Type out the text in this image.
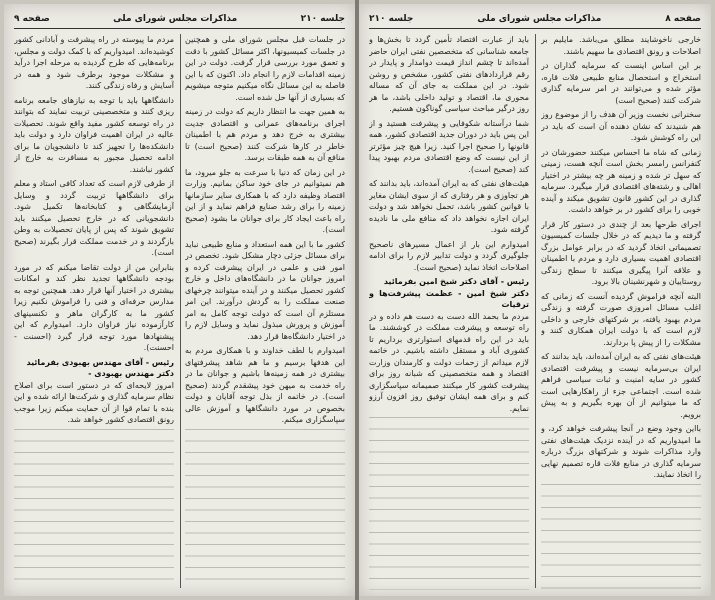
صفحه ۸
مذاکرات مجلس شورای ملی
جلسه ۲۱۰

خارجی ناخوشایند مطلق می‌باشد. مایلیم بر اصلاحات و رونق اقتصادی ما سهیم باشند.

بر این اساس اینست که سرمایه گذاران در استخراج و استحصال منابع طبیعی فلات قاره، مؤثر شده و می‌توانند در امر سرمایه گذاری شرکت کنند (صحیح است)

سخنرانی نخست وزیر آن هدف را از موضوع روز هم شنیدند که نشان دهنده آن است که باید در این راه کوشش شود.

زمانی که شاه ما احساس میکنند حضورشان در کنفرانس رامسر بخش است آنچه هست، زمینی که سهل تر شده و زمینه هر چه بیشتر در اختیار اهالی و رشته‌های اقتصادی قرار میگیرد. سرمایه گذاری در این کشور قانون تشویق میکند و آینده خوبی را برای کشور در بر خواهد داشت.

اجرای طرحها بعد از چندی در دستور کار قرار گرفته و ما دیدیم که در خلال جلسات کمیسیون تصمیماتی اتخاذ گردید که در برابر عوامل بزرگ اقتصادی اهمیت بسیاری دارد و مردم با اطمینان و علاقه آنرا پیگیری میکنند تا سطح زندگی روستاییان و شهرنشینان بالا برود.

البته آنچه فراموش گردیده آنست که زمانی که اغلب مسائل امروزی صورت گرفته و زندگی مردم بهبود یافته، بر شرکتهای خارجی و داخلی لازم است که با دولت ایران همکاری کنند و مشکلات را از پیش پا بردارند.

هیئت‌های نفتی که به ایران آمده‌اند، باید بدانند که ایران بی‌سرمایه نیست و پیشرفت اقتصادی کشور در سایه امنیت و ثبات سیاسی فراهم شده است. اجتماعی جزء از راهکارهایی است که ما میتوانیم از آن بهره بگیریم و به پیش برویم.

بااین وجود وضع در آنجا پیشرفت خواهد کرد، و ما امیدواریم که در آینده نزدیک هیئت‌های نفتی وارد مذاکرات شوند و شرکتهای بزرگ درباره سرمایه گذاری در منابع فلات قاره تصمیم نهایی را اتخاذ نمایند.

باید از عبارت اقتصاد تأمین گردد تا بخش‌ها و جامعه شناسانی که متخصصین نفتی ایران حاضر آمده‌اند تا چشم انداز قیمت دوامدار و پایدار در رقم قراردادهای نفتی کشور، مشخص و روشن شود. در این مملکت به جای آن که مساله محوری ما، اقتصاد و تولید داخلی باشد، ما هر روز درگیر مباحث سیاسی گوناگون هستیم.

شما درآستانه شکوفایی و پیشرفت هستید و از این پس باید در دوران جدید اقتصادی کشور، همه قانونها را صحیح اجرا کنید. زیرا هیچ چیز مؤثرتر از این نیست که وضع اقتصادی مردم بهبود پیدا کند (صحیح است).

هیئت‌های نفتی که به ایران آمده‌اند، باید بدانند که هر تجاوزی و هر رفتاری که از سوی ایشان مغایر با قوانین کشور باشد، تحمل نخواهد شد و دولت ایران اجازه نخواهد داد که منافع ملی ما نادیده گرفته شود.

امیدوارم این بار از اعمال مسیرهای ناصحیح جلوگیری گردد و دولت تدابیر لازم را برای ادامه اصلاحات اتخاذ نماید (صحیح است).

رئیس - آقای دکتر شیخ امین بفرمائید
دکتر شیخ امین - عظمت پیشرفت‌ها و ترقیات

مردم ما بحمد الله دست به دست هم داده و در راه توسعه و پیشرفت مملکت در کوششند. ما باید در این راه قدمهای استوارتری برداریم تا کشوری آباد و مستقل داشته باشیم. در خاتمه لازم میدانم از زحمات دولت و کارمندان وزارت اقتصاد و همه متخصصینی که شبانه روز برای پیشرفت کشور کار میکنند صمیمانه سپاسگزاری کنم و برای همه ایشان توفیق روز افزون آرزو نمایم.

جلسه ۲۱۰
مذاکرات مجلس شورای ملی
صفحه ۹

در جلسات قبل مجلس شورای ملی و همچنین در جلسات کمیسیونها، اکثر مسائل کشور با دقت و تعمق مورد بررسی قرار گرفت. دولت در این زمینه اقدامات لازم را انجام داد. اکنون که با این فاصله به این مسائل نگاه میکنیم متوجه میشویم که بسیاری از آنها حل شده است.

به همین جهت ما انتظار داریم که دولت در زمینه اجرای برنامه‌های عمرانی و اقتصادی جدیت بیشتری به خرج دهد و مردم هم با اطمینان خاطر در کارها شرکت کنند (صحیح است) تا منافع آن به همه طبقات برسد.

در این زمان که دنیا با سرعت به جلو میرود، ما هم نمیتوانیم در جای خود ساکن بمانیم. وزارت اقتصاد وظیفه دارد که با همکاری سایر سازمانها زمینه را برای رشد صنایع فراهم نماید و از این راه باعث ایجاد کار برای جوانان ما بشود (صحیح است).

کشور ما با این همه استعداد و منابع طبیعی نباید برای مسائل جزئی دچار مشکل شود. تخصص در امور فنی و علمی در ایران پیشرفت کرده و امروز جوانان ما در دانشگاه‌های داخل و خارج کشور تحصیل میکنند و در آینده میتوانند چرخهای صنعت مملکت را به گردش درآورند. این امر مستلزم آن است که دولت توجه کامل به امر آموزش و پرورش مبذول نماید و وسایل لازم را در اختیار دانشگاه‌ها قرار دهد.

امیدوارم با لطف خداوند و با همکاری مردم به این هدفها برسیم و ما هم شاهد پیشرفتهای بیشتری در همه زمینه‌ها باشیم و جوانان ما در راه خدمت به میهن خود پیشقدم گردند (صحیح است). در خاتمه از بذل توجه آقایان و دولت بخصوص در مورد دانشگاهها و آموزش عالی سپاسگزاری میکنم.

مردم ما پیوسته در راه پیشرفت و آبادانی کشور کوشیده‌اند. امیدواریم که با کمک دولت و مجلس، برنامه‌هایی که طرح گردیده به مرحله اجرا درآید و مشکلات موجود برطرف شود و همه در آسایش و رفاه زندگی کنند.

دانشگاهها باید با توجه به نیازهای جامعه برنامه ریزی کنند و متخصصینی تربیت نمایند که بتوانند در راه توسعه کشور مفید واقع شوند. تحصیلات عالیه در ایران اهمیت فراوان دارد و دولت باید دانشکده‌ها را تجهیز کند تا دانشجویان ما برای ادامه تحصیل مجبور به مسافرت به خارج از کشور نباشند.

از طرفی لازم است که تعداد کافی استاد و معلم برای دانشگاهها تربیت گردد و وسایل آزمایشگاهی و کتابخانه‌ها تکمیل شود. دانشجویانی که در خارج تحصیل میکنند باید تشویق شوند که پس از پایان تحصیلات به وطن بازگردند و در خدمت مملکت قرار بگیرند (صحیح است).

بنابراین من از دولت تقاضا میکنم که در مورد بودجه دانشگاهها تجدید نظر کند و امکانات بیشتری در اختیار آنها قرار دهد. همچنین توجه به مدارس حرفه‌ای و فنی را فراموش نکنیم زیرا کشور ما به کارگران ماهر و تکنسینهای کارآزموده نیاز فراوان دارد. امیدوارم که این پیشنهادها مورد توجه قرار گیرد (احسنت - احسنت).

رئیس - آقای مهندس بهبودی بفرمائید
دکتر مهندس بهبودی -

امروز لایحه‌ای که در دستور است برای اصلاح نظام سرمایه گذاری و شرکت‌ها ارائه شده و این بنده با تمام قوا از آن حمایت میکنم زیرا موجب رونق اقتصادی کشور خواهد شد.
